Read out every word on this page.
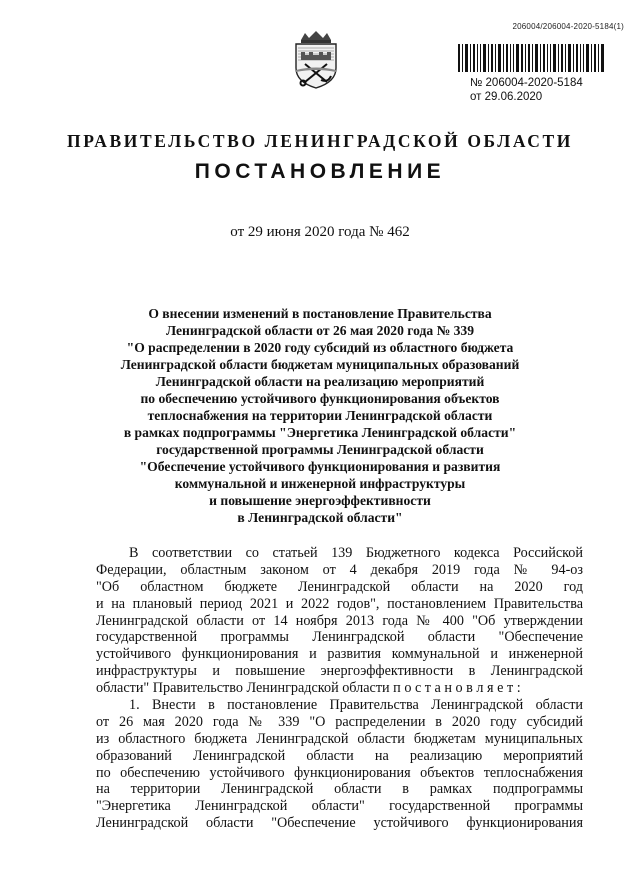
206004/206004-2020-5184(1)
№ 206004-2020-5184
от 29.06.2020
ПРАВИТЕЛЬСТВО ЛЕНИНГРАДСКОЙ ОБЛАСТИ
ПОСТАНОВЛЕНИЕ
от 29 июня 2020 года № 462
О внесении изменений в постановление Правительства
Ленинградской области от 26 мая 2020 года № 339
"О распределении в 2020 году субсидий из областного бюджета
Ленинградской области бюджетам муниципальных образований
Ленинградской области на реализацию мероприятий
по обеспечению устойчивого функционирования объектов
теплоснабжения на территории Ленинградской области
в рамках подпрограммы "Энергетика Ленинградской области"
государственной программы Ленинградской области
"Обеспечение устойчивого функционирования и развития
коммунальной и инженерной инфраструктуры
и повышение энергоэффективности
в Ленинградской области"
В соответствии со статьей 139 Бюджетного кодекса Российской
Федерации, областным законом от 4 декабря 2019 года № 94-оз
"Об областном бюджете Ленинградской области на 2020 год
и на плановый период 2021 и 2022 годов", постановлением Правительства
Ленинградской области от 14 ноября 2013 года № 400 "Об утверждении
государственной программы Ленинградской области "Обеспечение
устойчивого функционирования и развития коммунальной и инженерной
инфраструктуры и повышение энергоэффективности в Ленинградской
области" Правительство Ленинградской области п о с т а н о в л я е т :
1. Внести в постановление Правительства Ленинградской области
от 26 мая 2020 года № 339 "О распределении в 2020 году субсидий
из областного бюджета Ленинградской области бюджетам муниципальных
образований Ленинградской области на реализацию мероприятий
по обеспечению устойчивого функционирования объектов теплоснабжения
на территории Ленинградской области в рамках подпрограммы
"Энергетика Ленинградской области" государственной программы
Ленинградской области "Обеспечение устойчивого функционирования
